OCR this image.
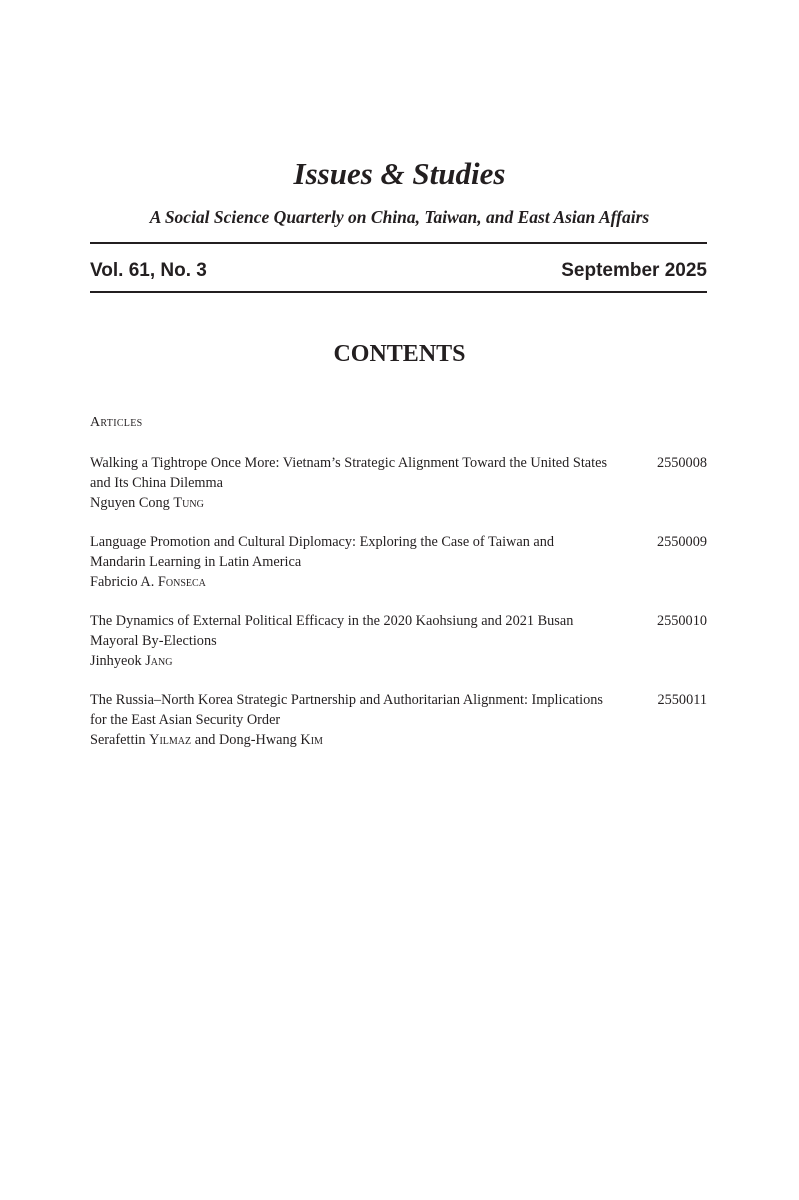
Issues & Studies
A Social Science Quarterly on China, Taiwan, and East Asian Affairs
Vol. 61, No. 3	September 2025
CONTENTS
Articles

Walking a Tightrope Once More: Vietnam’s Strategic Alignment Toward the United States and Its China Dilemma

2550008

Nguyen Cong Tung

Language Promotion and Cultural Diplomacy: Exploring the Case of Taiwan and Mandarin Learning in Latin America

2550009

Fabricio A. Fonseca

The Dynamics of External Political Efficacy in the 2020 Kaohsiung and 2021 Busan Mayoral By-Elections

2550010

Jinhyeok Jang

The Russia–North Korea Strategic Partnership and Authoritarian Alignment: Implications for the East Asian Security Order

2550011

Serafettin Yilmaz and Dong-Hwang Kim
